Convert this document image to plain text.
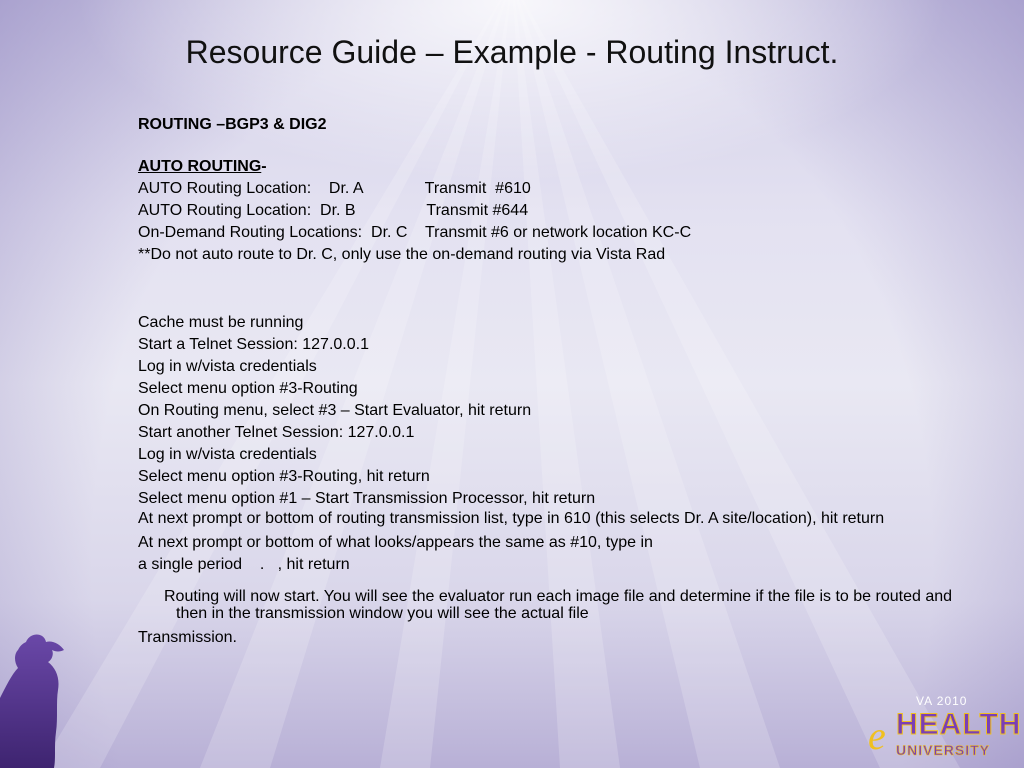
Resource Guide – Example - Routing Instruct.
ROUTING –BGP3 & DIG2
AUTO ROUTING-
AUTO Routing Location:    Dr. A              Transmit  #610
AUTO Routing Location:  Dr. B                Transmit #644
On-Demand Routing Locations:  Dr. C    Transmit #6 or network location KC-C
**Do not auto route to Dr. C, only use the on-demand routing via Vista Rad
Cache must be running
Start a Telnet Session: 127.0.0.1
Log in w/vista credentials
Select menu option #3-Routing
On Routing menu, select #3 – Start Evaluator, hit return
Start another Telnet Session: 127.0.0.1
Log in w/vista credentials
Select menu option #3-Routing, hit return
Select menu option #1 – Start Transmission Processor, hit return
At next prompt or bottom of routing transmission list, type in 610 (this selects Dr. A site/location), hit return
At next prompt or bottom of what looks/appears the same as #10, type in
a single period    .   , hit return
Routing will now start. You will see the evaluator run each image file and determine if the file is to be routed and then in the transmission window you will see the actual file
Transmission.
VA 2010
e HEALTH
UNIVERSITY
